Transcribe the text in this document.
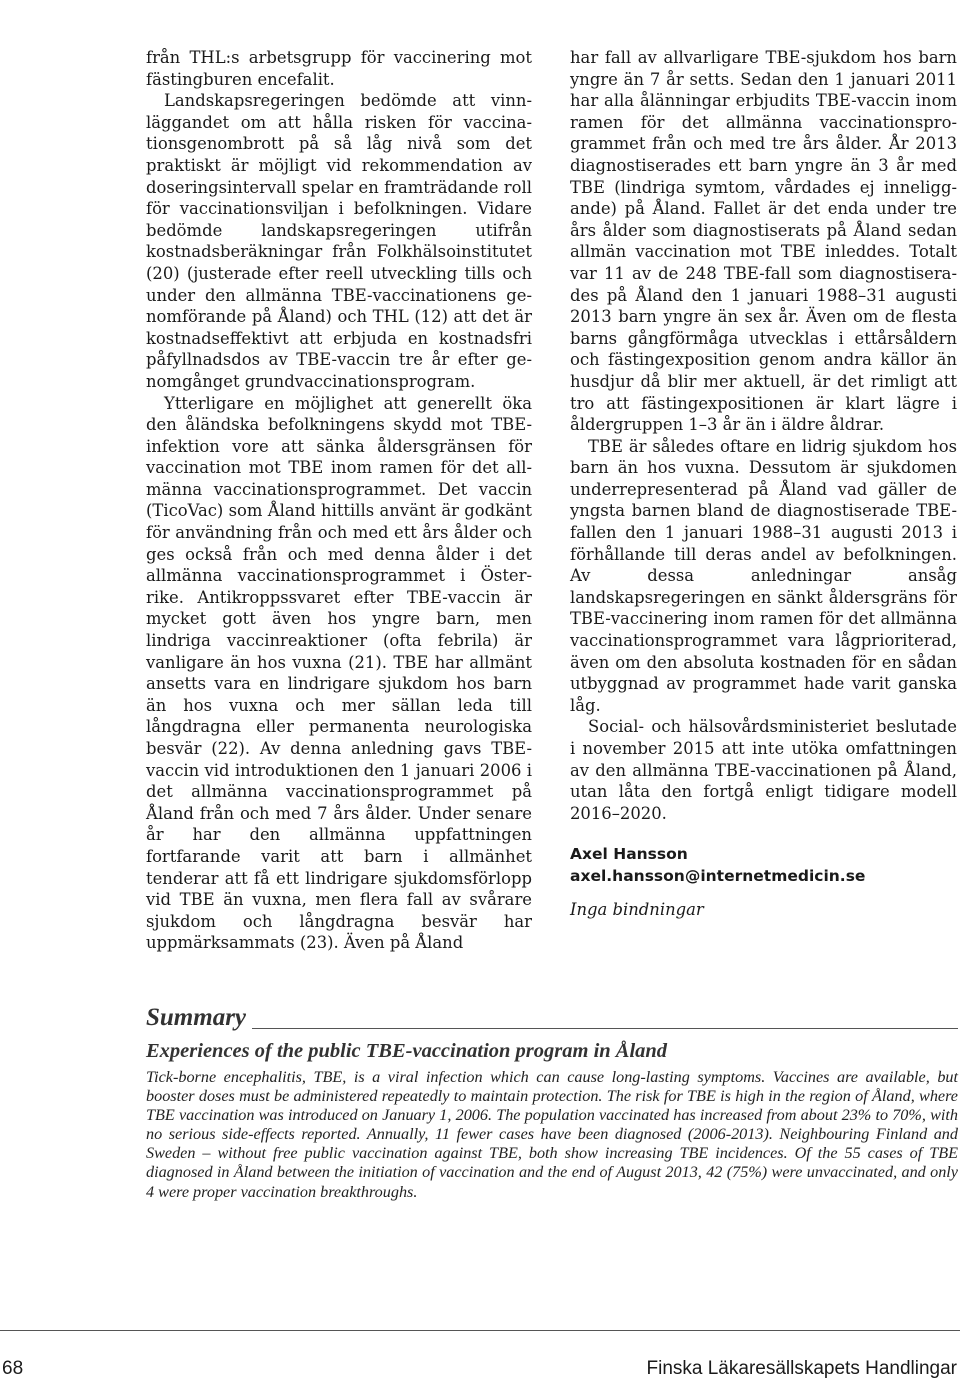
från THL:s arbetsgrupp för vaccinering mot fästingburen encefalit.

Landskapsregeringen bedömde att vinnläggandet om att hålla risken för vaccinationsgenombrott på så låg nivå som det praktiskt är möjligt vid rekommendation av doseringsintervall spelar en framträdande roll för vaccinationsviljan i befolkningen. Vidare bedömde landskapsregeringen utifrån kostnadsberäkningar från Folkhälsoinstitutet (20) (justerade efter reell utveckling tills och under den allmänna TBE-vaccinationens genomförande på Åland) och THL (12) att det är kostnadseffektivt att erbjuda en kostnadsfri påfyllnadsdos av TBE-vaccin tre år efter genomgånget grundvaccinationsprogram.

Ytterligare en möjlighet att generellt öka den åländska befolkningens skydd mot TBE-infektion vore att sänka åldersgränsen för vaccination mot TBE inom ramen för det allmänna vaccinationsprogrammet. Det vaccin (TicoVac) som Åland hittills använt är godkänt för användning från och med ett års ålder och ges också från och med denna ålder i det allmänna vaccinationsprogrammet i Österrike. Antikroppssvaret efter TBE-vaccin är mycket gott även hos yngre barn, men lindriga vaccinreaktioner (ofta febrila) är vanligare än hos vuxna (21). TBE har allmänt ansetts vara en lindrigare sjukdom hos barn än hos vuxna och mer sällan leda till långdragna eller permanenta neurologiska besvär (22). Av denna anledning gavs TBE-vaccin vid introduktionen den 1 januari 2006 i det allmänna vaccinationsprogrammet på Åland från och med 7 års ålder. Under senare år har den allmänna uppfattningen fortfarande varit att barn i allmänhet tenderar att få ett lindrigare sjukdomsförlopp vid TBE än vuxna, men flera fall av svårare sjukdom och långdragna besvär har uppmärksammats (23). Även på Åland

har fall av allvarligare TBE-sjukdom hos barn yngre än 7 år setts. Sedan den 1 januari 2011 har alla ålänningar erbjudits TBE-vaccin inom ramen för det allmänna vaccinationsprogrammet från och med tre års ålder. År 2013 diagnostiserades ett barn yngre än 3 år med TBE (lindriga symtom, vårdades ej inneliggande) på Åland. Fallet är det enda under tre års ålder som diagnostiserats på Åland sedan allmän vaccination mot TBE inleddes. Totalt var 11 av de 248 TBE-fall som diagnostiserades på Åland den 1 januari 1988–31 augusti 2013 barn yngre än sex år. Även om de flesta barns gångförmåga utvecklas i ettårsåldern och fästingexposition genom andra källor än husdjur då blir mer aktuell, är det rimligt att tro att fästingexpositionen är klart lägre i åldergruppen 1–3 år än i äldre åldrar.

TBE är således oftare en lidrig sjukdom hos barn än hos vuxna. Dessutom är sjukdomen underrepresenterad på Åland vad gäller de yngsta barnen bland de diagnostiserade TBE-fallen den 1 januari 1988–31 augusti 2013 i förhållande till deras andel av befolkningen. Av dessa anledningar ansåg landskapsregeringen en sänkt åldersgräns för TBE-vaccinering inom ramen för det allmänna vaccinationsprogrammet vara lågprioriterad, även om den absoluta kostnaden för en sådan utbyggnad av programmet hade varit ganska låg.

Social- och hälsovårdsministeriet beslutade i november 2015 att inte utöka omfattningen av den allmänna TBE-vaccinationen på Åland, utan låta den fortgå enligt tidigare modell 2016–2020.

Axel Hansson
axel.hansson@internetmedicin.se
Inga bindningar
Summary
Experiences of the public TBE-vaccination program in Åland

Tick-borne encephalitis, TBE, is a viral infection which can cause long-lasting symptoms. Vaccines are available, but booster doses must be administered repeatedly to maintain protection. The risk for TBE is high in the region of Åland, where TBE vaccination was introduced on January 1, 2006. The population vaccinated has increased from about 23% to 70%, with no serious side-effects reported. Annually, 11 fewer cases have been diagnosed (2006-2013). Neighbouring Finland and Sweden – without free public vaccination against TBE, both show increasing TBE incidences. Of the 55 cases of TBE diagnosed in Åland between the initiation of vaccination and the end of August 2013, 42 (75%) were unvaccinated, and only 4 were proper vaccination breakthroughs.

68	Finska Läkaresällskapets Handlingar
